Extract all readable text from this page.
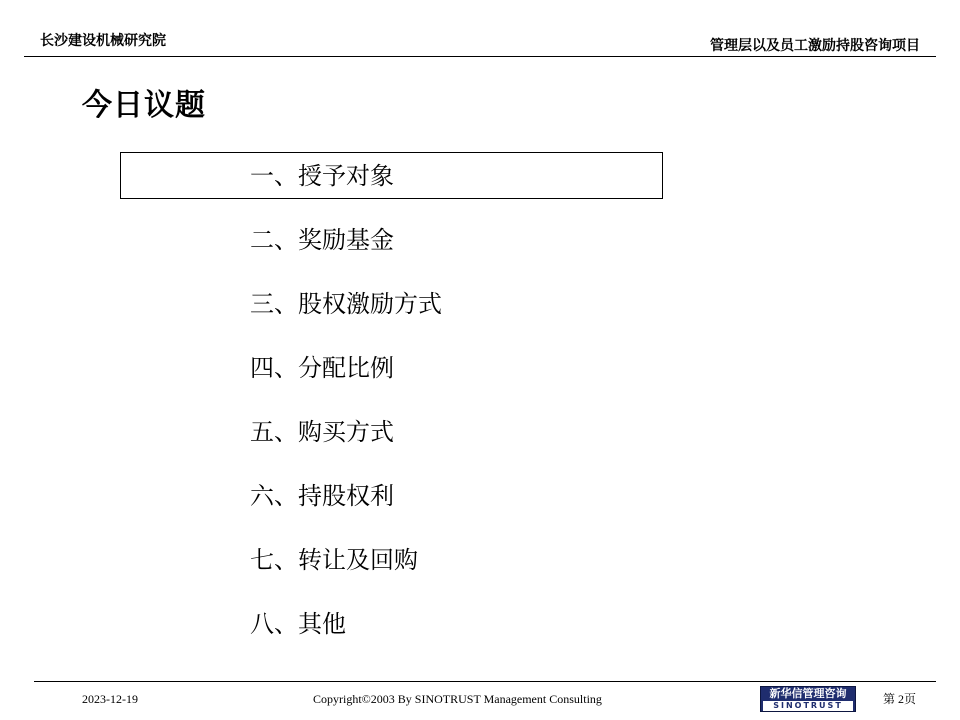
长沙建设机械研究院	管理层以及员工激励持股咨询项目
今日议题
一、授予对象
二、奖励基金
三、股权激励方式
四、分配比例
五、购买方式
六、持股权利
七、转让及回购
八、其他
2023-12-19	Copyright©2003 By SINOTRUST Management Consulting	新华信管理咨询
SINOTRUST	第 2页
